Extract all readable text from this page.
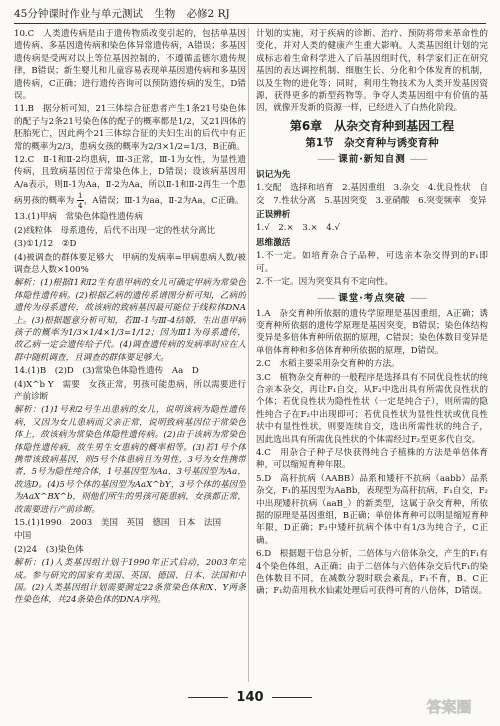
45分钟课时作业与单元测试 生物 必修2 RJ

10.C　人类遗传病是由于遗传物质改变引起的，包括单基因遗传病、多基因遗传病和染色体异常遗传病，A错误；多基因遗传病是受两对以上等位基因控制的，不遵循孟德尔遗传规律，B错误；新生婴儿和儿童容易表现单基因遗传病和多基因遗传病，C正确；进行遗传咨询可以预防遗传病的发生，D错误。

11.B　据分析可知，21三体综合征患者产生1条21号染色体的配子与2条21号染色体的配子的概率都是1/2，又21四体的胚胎死亡，因此两个21三体综合征的夫妇生出的后代中有正常的概率为2/3，患病女孩的概率为2/3×1/2=1/3，B正确。

12.C　Ⅱ-1和Ⅱ-2均患病，Ⅲ-3正常，Ⅲ-1为女性，为显性遗传病，且致病基因位于常染色体上，D错误；设该病基因用A/a表示，则Ⅱ-1为Aa，Ⅱ-2为Aa，所以Ⅱ-1和Ⅱ-2再生一个患病男孩的概率为 $\frac{1}{4}$ ，A错误；Ⅲ-1为aa，Ⅱ-2为Aa，C正确。

13.(1)甲病　常染色体隐性遗传病

(2)线粒体　母系遗传，后代不出现一定的性状分离比

(3)①1/12　②D

(4)被调查的群体要足够大　甲病的发病率=甲病患病人数/被调查总人数×100%

解析：(1)根据Ⅰ1和Ⅰ2生有患甲病的女儿可确定甲病为常染色体隐性遗传病。(2)根据乙病的遗传系谱图分析可知，乙病的遗传为母系遗传，故该病的致病基因最可能位于线粒体DNA上。(3)根据题意分析可知，若Ⅲ-1与Ⅲ-4结婚，生出患甲病孩子的概率为1/3×1/4×1/3=1/12；因为Ⅲ1为母系遗传，故乙病一定会遗传给子代。(4)调查遗传病的发病率时应在人群中随机调查，且调查的群体要足够大。

14.(1)B　(2)D　(3)常染色体隐性遗传　Aa　D

(4)X^b Y　需要　女孩正常，男孩可能患病，所以需要进行产前诊断

解析：(1)1号和2号生出患病的女儿，说明该病为隐性遗传病，又因为女儿患病而父亲正常，说明致病基因位于常染色体上，故该病为常染色体隐性遗传病。(2)由于该病为常染色体隐性遗传病，故生男生女患病的概率相等。(3)若1号个体携带该致病基因，则5号个体患病且为男性，3号为女性携带者，5号为隐性纯合体，1号基因型为Aa，3号基因型为Aa，故选D。(4)5号个体的基因型为AaX^bY，3号个体的基因型为AaX^BX^b，则他们所生的男孩可能患病，女孩都正常，故需要进行产前诊断。

15.(1)1990　2003　美国　英国　德国　日本　法国

中国

(2)24　(3)染色体

解析：(1)人类基因组计划于1990年正式启动，2003年完成。参与研究的国家有美国、英国、德国、日本、法国和中国。(2)人类基因组计划需要测定22条常染色体和X、Y两条性染色体，共24条染色体的DNA序列。

计划的实施，对于疾病的诊断、治疗、预防将带来革命性的变化，并对人类的健康产生重大影响。人类基因组计划的完成标志着生命科学进入了后基因组时代，科学家们正在研究基因的表达调控机制、细胞生长、分化和个体发育的机制，以及生物的进化等；同时，利用生物技术为人类开发基因资源，获得更多的新型药物等。争夺人类基因组中有价值的基因，就像开发新的资源一样，已经进入了白热化阶段。

第6章　从杂交育种到基因工程
第1节　杂交育种与诱变育种
—— 课前·新知自测 ——
识记为先

1.交配　选择和培育　2.基因重组　3.杂交　4.优良性状　自交　7.性状分离　5.基因突变　3.亚硝酸　6.突变频率　变异

正误辨析

1.√　2.×　3.×　4.√

思维激活

1.不一定。如培育杂合子品种，可选亲本杂交得到的F₁即可。

2.不一定。因为突变具有不定向性。

—— 课堂·考点突破 ——

1.A　杂交育种所依据的遗传学原理是基因重组，A正确；诱变育种所依据的遗传学原理是基因突变，B错误；染色体结构变异是多倍体育种所依据的原理，C错误；染色体数目变异是单倍体育种和多倍体育种所依据的原理，D错误。

2.C　水稻主要采用杂交育种的方法。

3.C　植物杂交育种的一般程序是选择具有不同优良性状的纯合亲本杂交，再让F₁自交，从F₂中选出具有所需优良性状的个体；若优良性状为隐性性状（一定是纯合子），则所需的隐性纯合子在F₂中出现即可；若优良性状为显性性状或优良性状中有显性性状，则要连续自交，选出所需性状的纯合子，因此选出具有所需优良性状的个体需经过F₂至更多代自交。

4.C　用杂合子种子尽快获得纯合子植株的方法是单倍体育种，可以缩短育种年限。

5.D　高秆抗病（AABB）品系和矮秆不抗病（aabb）品系杂交，F₁的基因型为AaBb，表现型为高秆抗病，F₁自交，F₂中出现矮秆抗病（aaB_）的新类型，这属于杂交育种，所依据的原理是基因重组，B正确；单倍体育种可以明显缩短育种年限，D正确；F₂中矮秆抗病个体中有1/3为纯合子，C正确。

6.D　根据题干信息分析，二倍体与六倍体杂交，产生的F₁有4个染色体组，A正确；由于二倍体与六倍体杂交后代F₁的染色体数目不同，在减数分裂时联会紊乱，F₁不育，B、C正确；F₁幼苗用秋水仙素处理后可获得可育的八倍体，D错误。

140
答案圈
